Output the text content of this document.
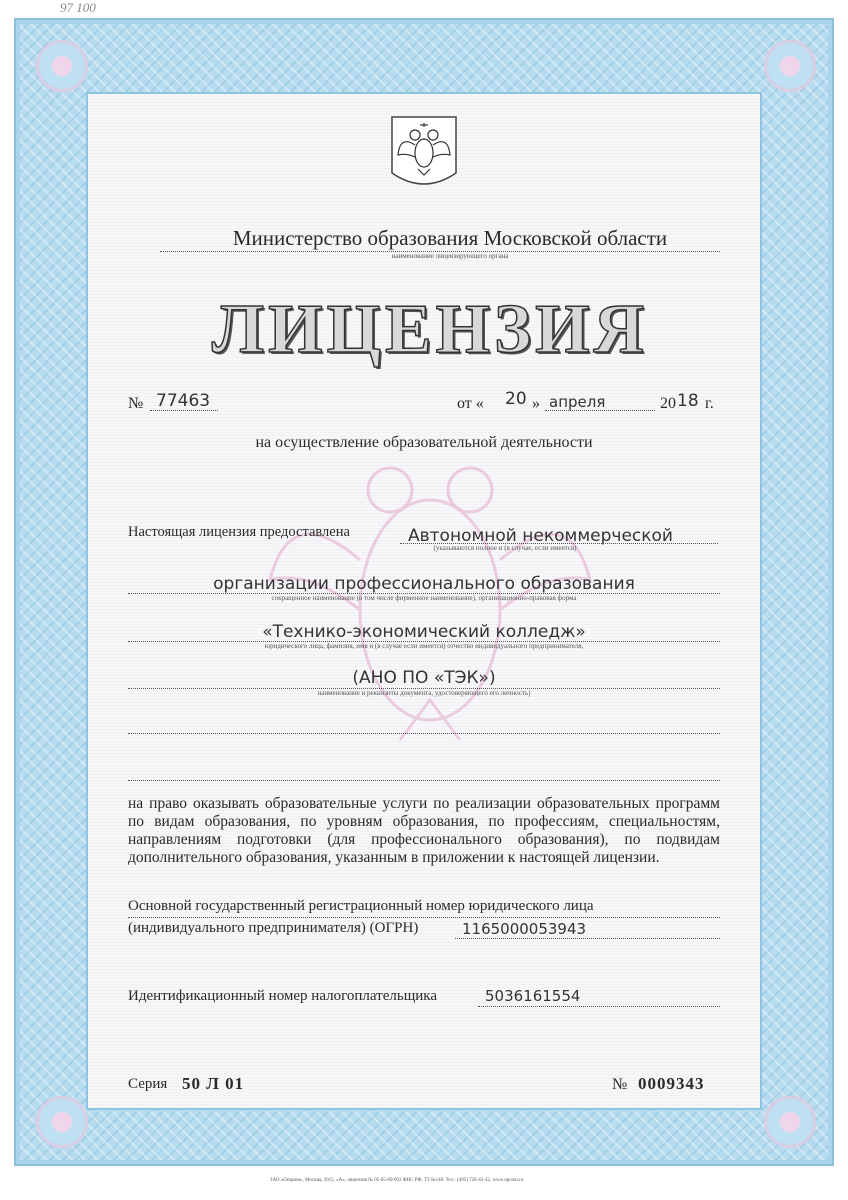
97 100
Министерство образования Московской области
наименование лицензирующего органа
ЛИЦЕНЗИЯ
№ 77463	от « 20 » апреля	20 18 г.
на осуществление образовательной деятельности
Настоящая лицензия предоставлена	Автономной некоммерческой
(указываются полное и (в случае, если имеется)
организации профессионального образования
сокращенное наименование (в том числе фирменное наименование), организационно-правовая форма
«Технико-экономический колледж»
юридического лица, фамилия, имя и (в случае если имеется) отчество индивидуального предпринимателя,
(АНО ПО «ТЭК»)
наименование и реквизиты документа, удостоверяющего его личность)
на право оказывать образовательные услуги по реализации образовательных программ по видам образования, по уровням образования, по профессиям, специальностям, направлениям подготовки (для профессионального образования), по подвидам дополнительного образования, указанным в приложении к настоящей лицензии.
Основной государственный регистрационный номер юридического лица
(индивидуального предпринимателя) (ОГРН)	1165000053943
Идентификационный номер налогоплательщика	5036161554
Серия 50 Л 01	№ 0009343
ЗАО «Опцион», Москва, 2015, «А», лицензия № 05-05-09/003 ФНС РФ, ТЗ №140. Тел.: (495) 726-42-42, www.opcion.ru
